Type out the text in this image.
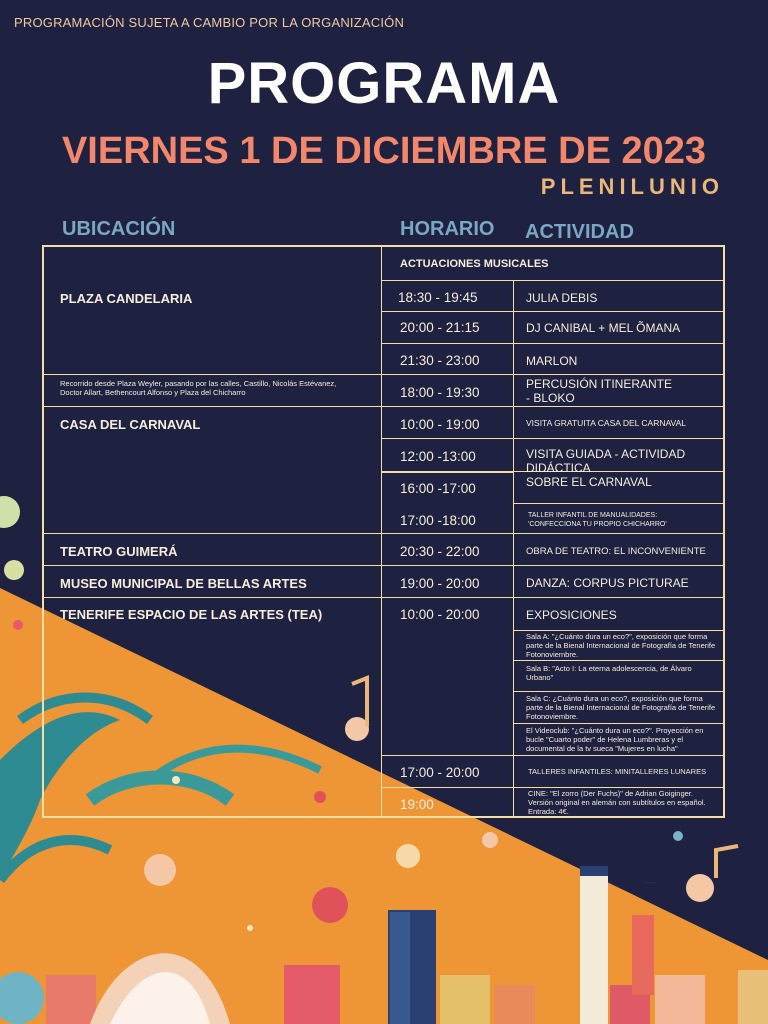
PROGRAMACIÓN SUJETA A CAMBIO POR LA ORGANIZACIÓN
PROGRAMA
VIERNES 1 DE DICIEMBRE DE 2023
PLENILUNIO
UBICACIÓN	HORARIO ACTIVIDAD
PLAZA CANDELARIA
Recorrido desde Plaza Weyler, pasando por las calles, Castillo, Nicolás Estévanez, Doctor Allart, Bethencourt Alfonso y Plaza del Chicharro
CASA DEL CARNAVAL
TEATRO GUIMERÁ
MUSEO MUNICIPAL DE BELLAS ARTES
TENERIFE ESPACIO DE LAS ARTES (TEA)
ACTUACIONES MUSICALES
18:30 - 19:45
20:00 - 21:15
21:30 - 23:00
18:00 - 19:30
10:00 - 19:00
12:00 -13:00
16:00 -17:00
17:00 -18:00
20:30 - 22:00
19:00 - 20:00
10:00 - 20:00
17:00 - 20:00
19:00
JULIA DEBIS
DJ CANIBAL + MEL ÕMANA
MARLON
PERCUSIÓN ITINERANTE
- BLOKO
VISITA GRATUITA CASA DEL CARNAVAL
VISITA GUIADA - ACTIVIDAD
DIDÁCTICA
SOBRE EL CARNAVAL
TALLER INFANTIL DE MANUALIDADES:
'CONFECCIONA TU PROPIO CHICHARRO'
OBRA DE TEATRO: EL INCONVENIENTE
DANZA: CORPUS PICTURAE
EXPOSICIONES
Sala A: "¿Cuánto dura un eco?", exposición que forma parte de la Bienal Internacional de Fotografía de Tenerife Fotonoviembre.
Sala B: "Acto I: La eterna adolescencia, de Álvaro Urbano"
Sala C: ¿Cuánto dura un eco?, exposición que forma parte de la Bienal Internacional de Fotografía de Tenerife Fotonoviembre.
El Videoclub: "¿Cuánto dura un eco?". Proyección en bucle "Cuarto poder" de Helena Lumbreras y el documental de la tv sueca "Mujeres en lucha"
TALLERES INFANTILES: MINITALLERES LUNARES
CINE: "El zorro (Der Fuchs)" de Adrian Goiginger. Versión original en alemán con subtítulos en español. Entrada: 4€.
